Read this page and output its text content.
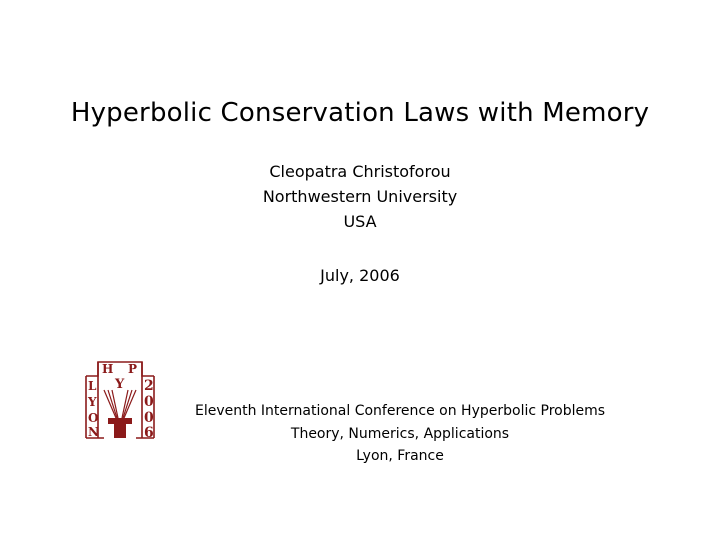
Hyperbolic Conservation Laws with Memory
Cleopatra Christoforou
Northwestern University
USA
July, 2006
H P
Y
L
Y
O
N
2
0
0
6
Eleventh International Conference on Hyperbolic Problems
Theory, Numerics, Applications
Lyon, France
